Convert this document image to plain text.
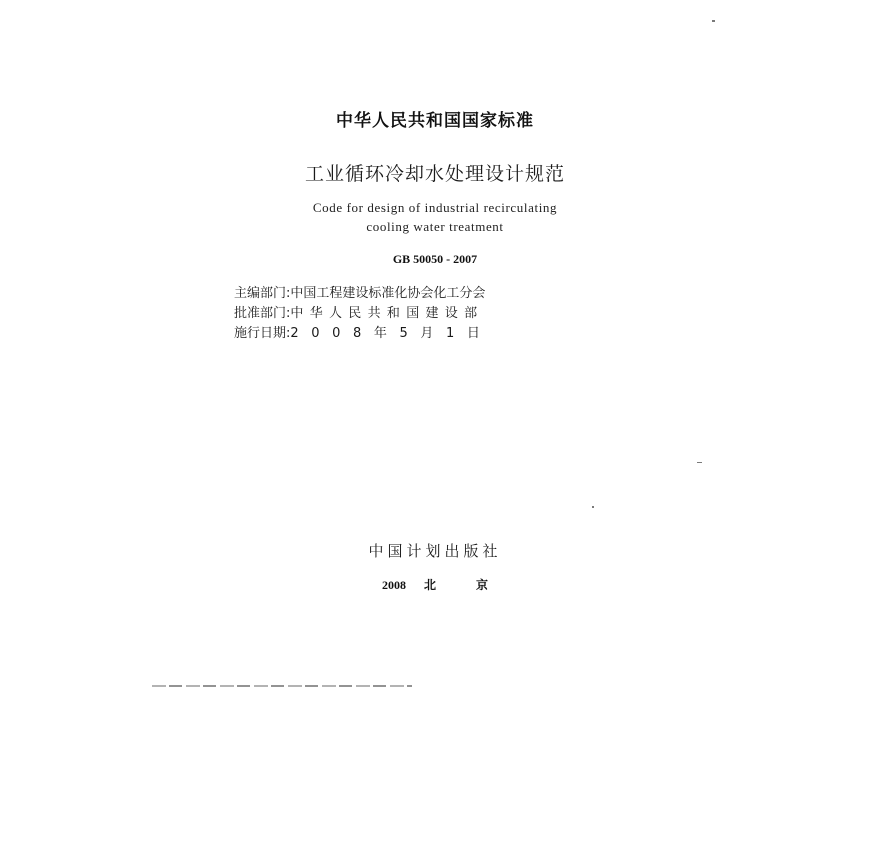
中华人民共和国国家标准
工业循环冷却水处理设计规范
Code for design of industrial recirculating
cooling water treatment
GB 50050 - 2007
主编部门:中国工程建设标准化协会化工分会
批准部门:中华人民共和国建设部
施行日期:2008年5月1日
中国计划出版社
2008 北	京
